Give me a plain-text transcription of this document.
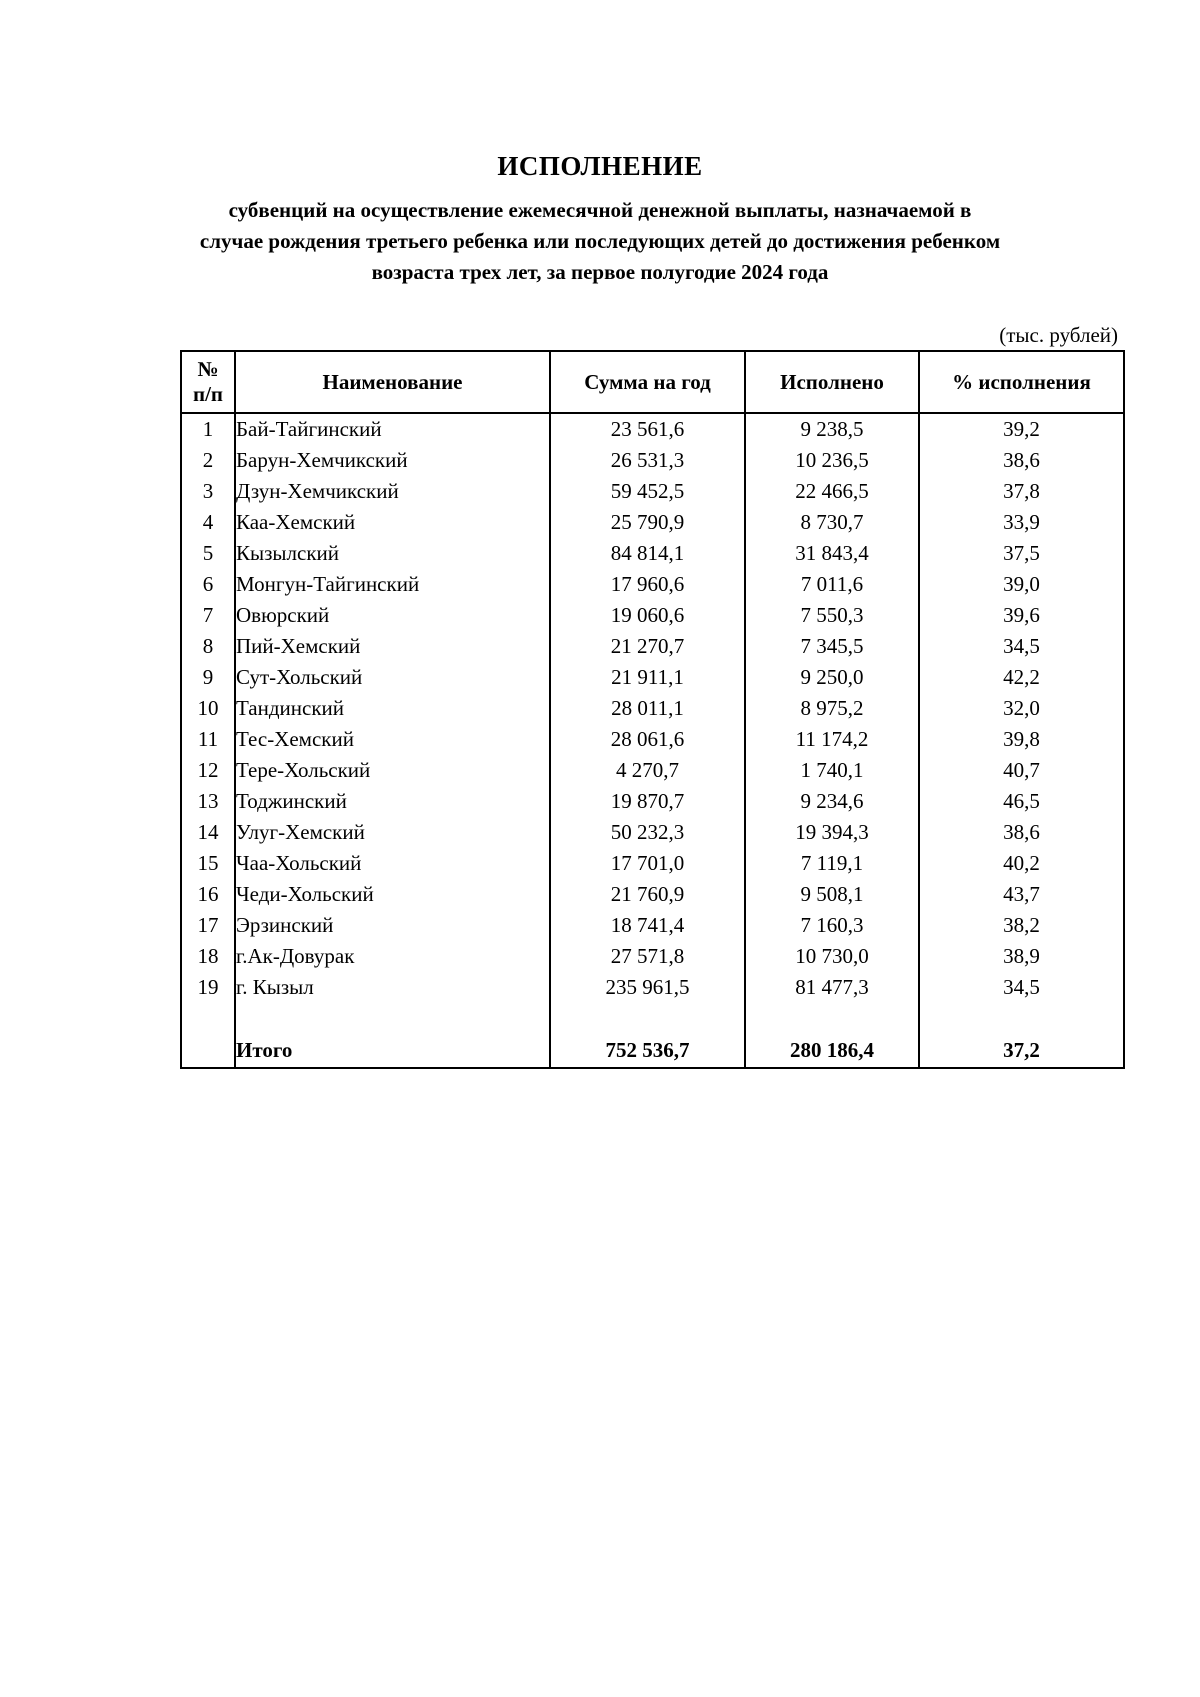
ИСПОЛНЕНИЕ
субвенций на осуществление ежемесячной денежной выплаты, назначаемой в
случае рождения третьего ребенка или последующих детей до достижения ребенком
возраста трех лет, за первое полугодие 2024 года
(тыс. рублей)
№
п/п	Наименование	Сумма на год	Исполнено	% исполнения
1	Бай-Тайгинский	23 561,6	9 238,5	39,2
2	Барун-Хемчикский	26 531,3	10 236,5	38,6
3	Дзун-Хемчикский	59 452,5	22 466,5	37,8
4	Каа-Хемский	25 790,9	8 730,7	33,9
5	Кызылский	84 814,1	31 843,4	37,5
6	Монгун-Тайгинский	17 960,6	7 011,6	39,0
7	Овюрский	19 060,6	7 550,3	39,6
8	Пий-Хемский	21 270,7	7 345,5	34,5
9	Сут-Хольский	21 911,1	9 250,0	42,2
10	Тандинский	28 011,1	8 975,2	32,0
11	Тес-Хемский	28 061,6	11 174,2	39,8
12	Тере-Хольский	4 270,7	1 740,1	40,7
13	Тоджинский	19 870,7	9 234,6	46,5
14	Улуг-Хемский	50 232,3	19 394,3	38,6
15	Чаа-Хольский	17 701,0	7 119,1	40,2
16	Чеди-Хольский	21 760,9	9 508,1	43,7
17	Эрзинский	18 741,4	7 160,3	38,2
18	г.Ак-Довурак	27 571,8	10 730,0	38,9
19	г. Кызыл	235 961,5	81 477,3	34,5

	Итого	752 536,7	280 186,4	37,2
